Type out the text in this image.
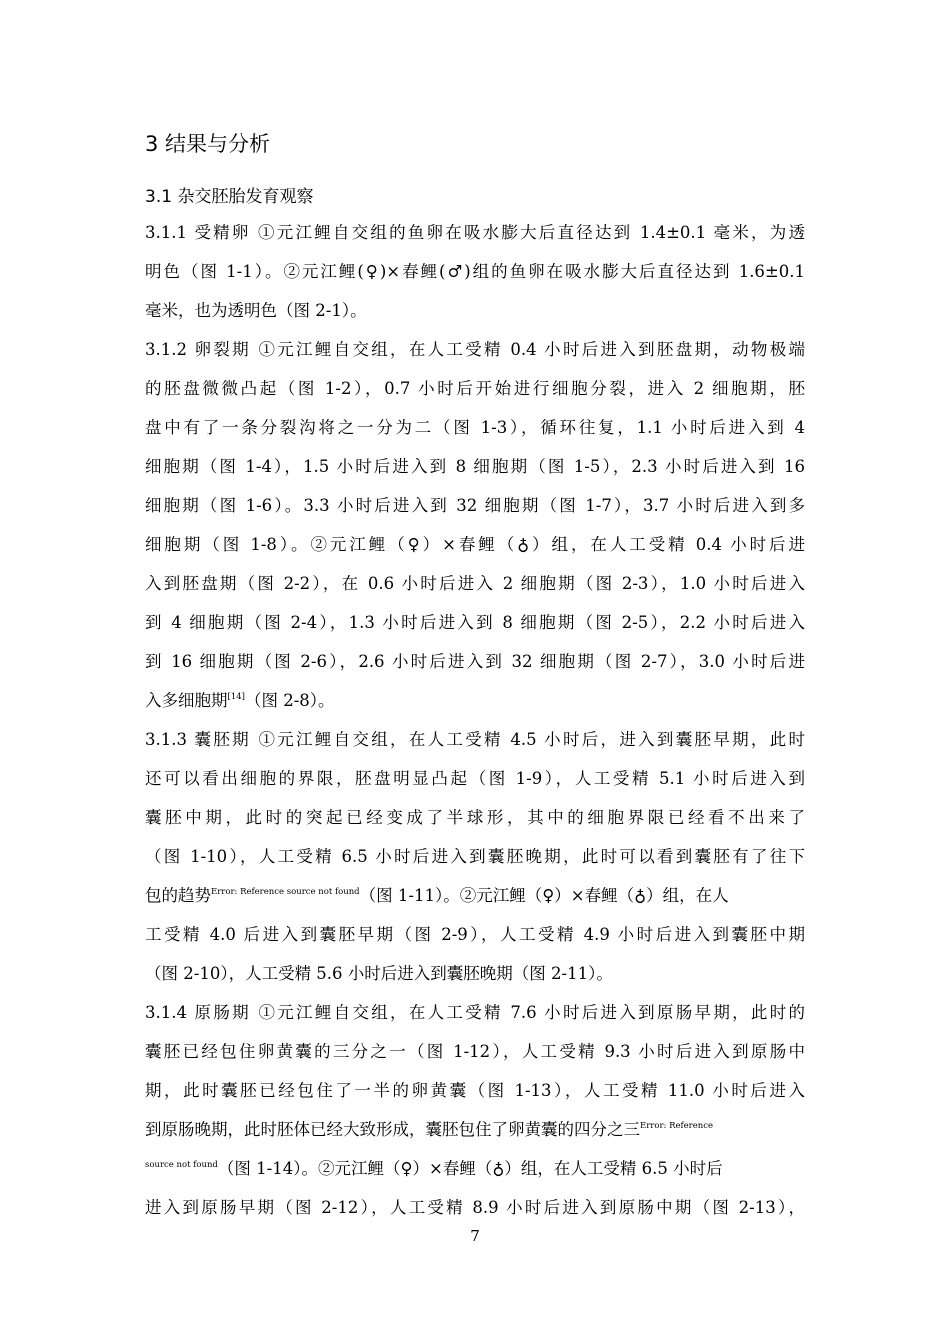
3 结果与分析
3.1 杂交胚胎发育观察
3.1.1 受精卵 ①元江鲤自交组的鱼卵在吸水膨大后直径达到 1.4±0.1 毫米，为透
明色（图 1-1）。②元江鲤(♀)×春鲤(♂)组的鱼卵在吸水膨大后直径达到 1.6±0.1
毫米，也为透明色（图 2-1）。
3.1.2 卵裂期 ①元江鲤自交组，在人工受精 0.4 小时后进入到胚盘期，动物极端
的胚盘微微凸起（图 1-2），0.7 小时后开始进行细胞分裂，进入 2 细胞期，胚
盘中有了一条分裂沟将之一分为二（图 1-3），循环往复，1.1 小时后进入到 4
细胞期（图 1-4），1.5 小时后进入到 8 细胞期（图 1-5），2.3 小时后进入到 16
细胞期（图 1-6）。3.3 小时后进入到 32 细胞期（图 1-7），3.7 小时后进入到多
细胞期（图 1-8）。②元江鲤（♀）×春鲤（♁）组，在人工受精 0.4 小时后进
入到胚盘期（图 2-2），在 0.6 小时后进入 2 细胞期（图 2-3），1.0 小时后进入
到 4 细胞期（图 2-4），1.3 小时后进入到 8 细胞期（图 2-5），2.2 小时后进入
到 16 细胞期（图 2-6），2.6 小时后进入到 32 细胞期（图 2-7），3.0 小时后进
入多细胞期[14]（图 2-8）。
3.1.3 囊胚期 ①元江鲤自交组，在人工受精 4.5 小时后，进入到囊胚早期，此时
还可以看出细胞的界限，胚盘明显凸起（图 1-9），人工受精 5.1 小时后进入到
囊胚中期，此时的突起已经变成了半球形，其中的细胞界限已经看不出来了
（图 1-10），人工受精 6.5 小时后进入到囊胚晚期，此时可以看到囊胚有了往下
包的趋势$^{Error: Reference source not found}$（图 1-11）。②元江鲤（♀）×春鲤（♁）组，在人
工受精 4.0 后进入到囊胚早期（图 2-9），人工受精 4.9 小时后进入到囊胚中期
（图 2-10），人工受精 5.6 小时后进入到囊胚晚期（图 2-11）。
3.1.4 原肠期 ①元江鲤自交组，在人工受精 7.6 小时后进入到原肠早期，此时的
囊胚已经包住卵黄囊的三分之一（图 1-12），人工受精 9.3 小时后进入到原肠中
期，此时囊胚已经包住了一半的卵黄囊（图 1-13），人工受精 11.0 小时后进入
到原肠晚期，此时胚体已经大致形成，囊胚包住了卵黄囊的四分之三$^{Error: Reference}$
$^{source not found}$（图 1-14）。②元江鲤（♀）×春鲤（♁）组，在人工受精 6.5 小时后
进入到原肠早期（图 2-12），人工受精 8.9 小时后进入到原肠中期（图 2-13），
7
